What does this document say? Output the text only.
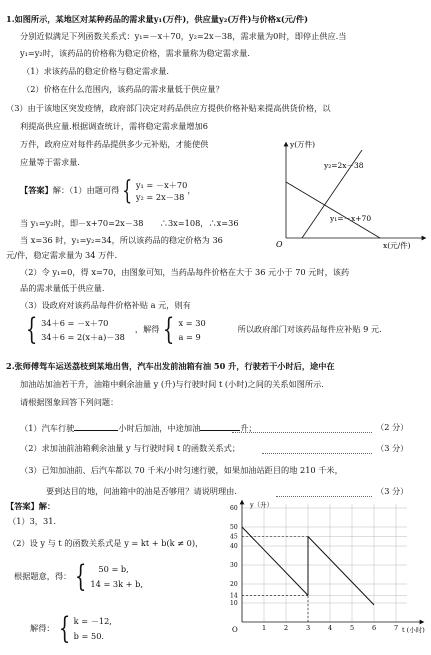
1.如图所示，某地区对某种药品的需求量y₁(万件)，供应量y₂(万件)与价格x(元/件)
分别近似满足下列函数关系式：y₁=－x＋70，y₂=2x－38，需求量为0时，即停止供应.当
y₁=y₂时，该药品的价格称为稳定价格，需求量称为稳定需求量.
（1）求该药品的稳定价格与稳定需求量.
（2）价格在什么范围内，该药品的需求量低于供应量？
（3）由于该地区突发疫情，政府部门决定对药品供应方提供价格补贴来提高供货价格，以
利提高供应量.根据调查统计，需将稳定需求量增加6
万件，政府应对每件药品提供多少元补贴，才能使供
应量等于需求量.
【答案】 解：（1）由题可得 { y₁ = －x＋70
y₂ = 2x－38
，
当 y₁=y₂时，即－x+70=2x－38　　∴3x=108，∴x=36
当 x=36 时，y₁=y₂=34，所以该药品的稳定价格为 36
元/件，稳定需求量为 34 万件.
（2）令 y₁=0，得 x=70，由图象可知，当药品每件价格在大于 36 元小于 70 元时，该药
品的需求量低于供应量.
（3）设政府对该药品每件价格补贴 a 元，则有
{ 34＋6 = －x＋70
34＋6 = 2(x＋a)－38
，解得 { x = 30
a = 9
所以政府部门对该药品每件应补贴 9 元.
y(万件)
x(元/件)
O
y₂=2x－38
y₁=－x+70
2.张师傅驾车运送荔枝到某地出售，汽车出发前油箱有油 50 升，行驶若干小时后，途中在
加油站加油若干升，油箱中剩余油量 y (升)与行驶时间 t (小时)之间的关系如图所示.
请根据图象回答下列问题：
（1）汽车行驶	小时后加油，中途加油	升；	（2 分）
（2）求加油前油箱剩余油量 y 与行驶时间 t 的函数关系式；	（3 分）
（3）已知加油前、后汽车都以 70 千米/小时匀速行驶，如果加油站距目的地 210 千米，
要到达目的地，问油箱中的油是否够用？请说明理由.	（3 分）
【答案】解：
（1）3，31.
（2）设 y 与 t 的函数关系式是 y = kt + b(k ≠ 0)，
根据题意，得： {	50 = b,
14 = 3k + b,
解得： { k = －12,
b = 50.
1	2	3	4	5	6	7
60
50
45
40
30
20
14
10
y（升）
t (小时)
O
